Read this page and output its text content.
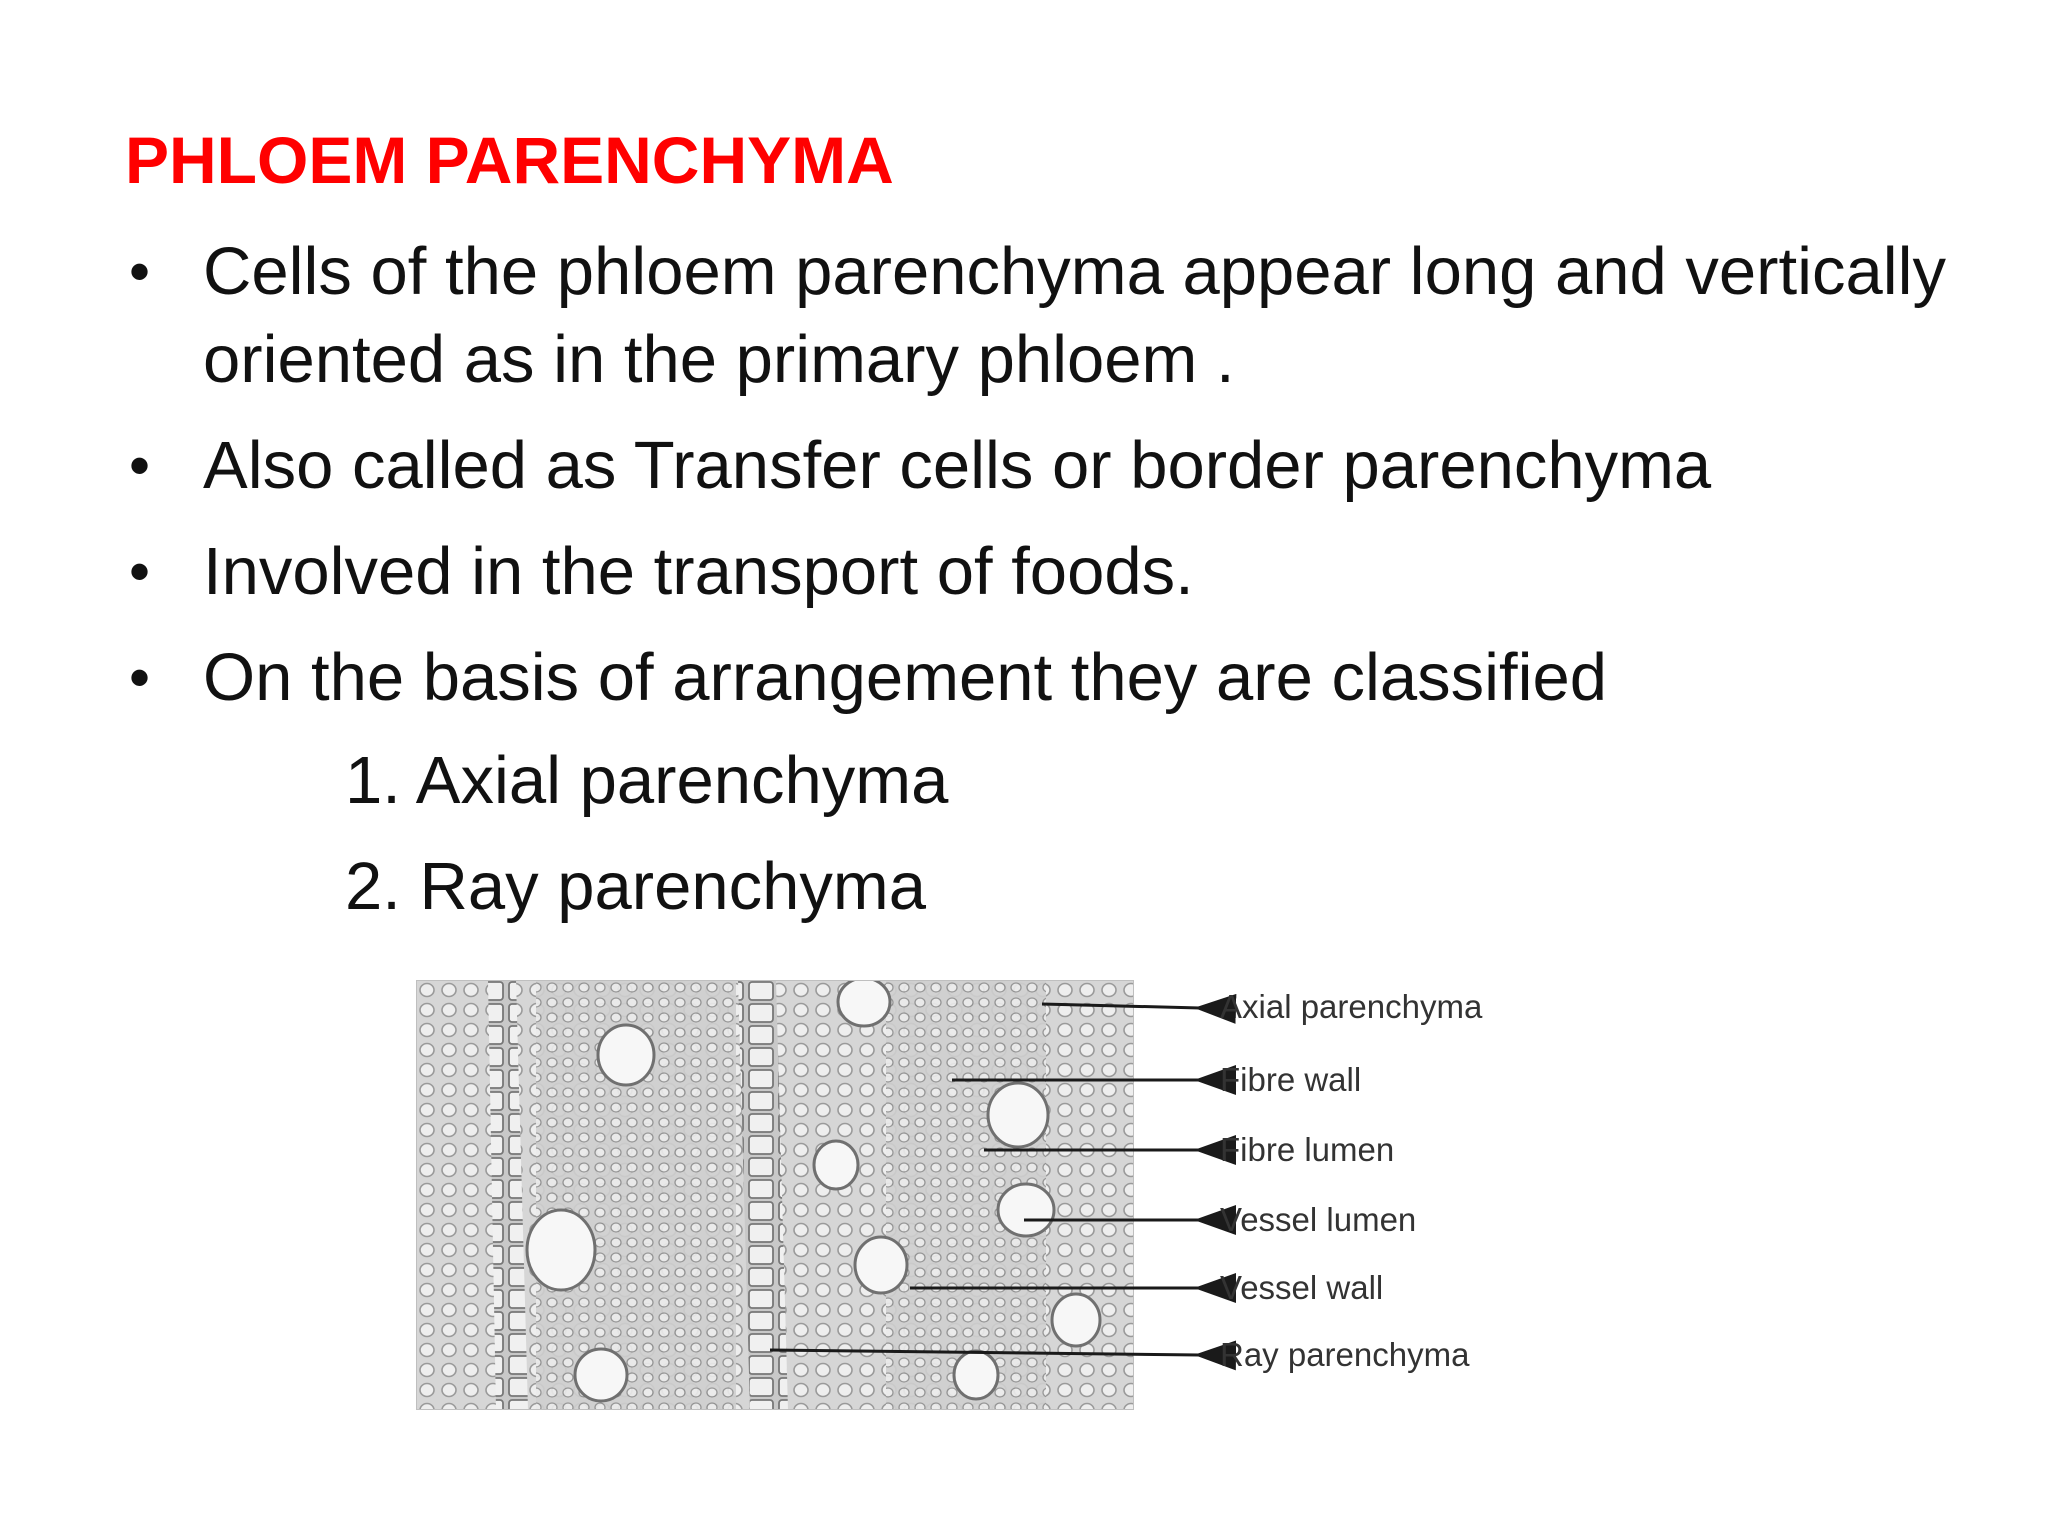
PHLOEM PARENCHYMA
• Cells of the phloem parenchyma appear long and vertically oriented as in the primary phloem .
• Also called as Transfer cells or border parenchyma
• Involved in the transport of foods.
• On the basis of arrangement they are classified
1. Axial parenchyma
2. Ray parenchyma
Axial parenchyma
Fibre wall
Fibre lumen
Vessel lumen
Vessel wall
Ray parenchyma
